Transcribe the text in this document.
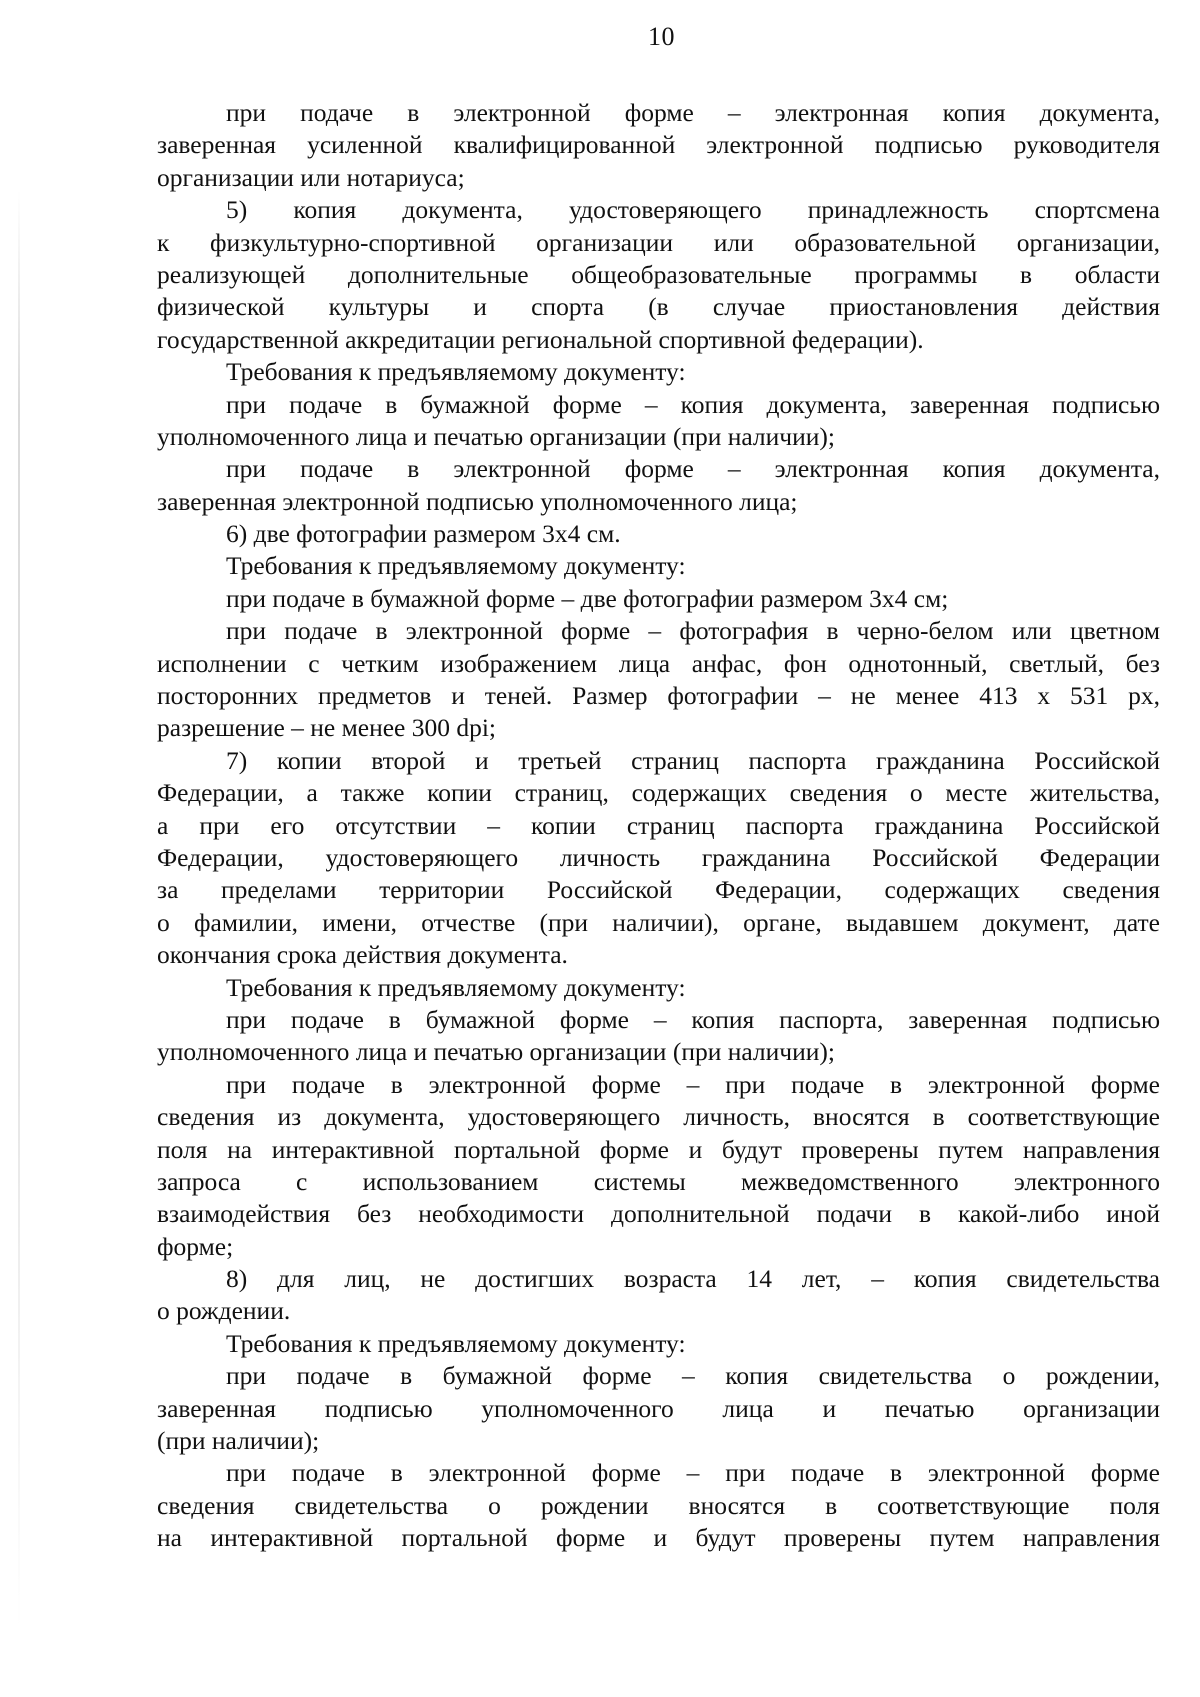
10
при подаче в электронной форме – электронная копия документа,
заверенная усиленной квалифицированной электронной подписью руководителя
организации или нотариуса;
5) копия документа, удостоверяющего принадлежность спортсмена
к физкультурно-спортивной организации или образовательной организации,
реализующей дополнительные общеобразовательные программы в области
физической культуры и спорта (в случае приостановления действия
государственной аккредитации региональной спортивной федерации).
Требования к предъявляемому документу:
при подаче в бумажной форме – копия документа, заверенная подписью
уполномоченного лица и печатью организации (при наличии);
при подаче в электронной форме – электронная копия документа,
заверенная электронной подписью уполномоченного лица;
6) две фотографии размером 3х4 см.
Требования к предъявляемому документу:
при подаче в бумажной форме – две фотографии размером 3х4 см;
при подаче в электронной форме – фотография в черно-белом или цветном
исполнении с четким изображением лица анфас, фон однотонный, светлый, без
посторонних предметов и теней. Размер фотографии – не менее 413 х 531 px,
разрешение – не менее 300 dpi;
7) копии второй и третьей страниц паспорта гражданина Российской
Федерации, а также копии страниц, содержащих сведения о месте жительства,
а при его отсутствии – копии страниц паспорта гражданина Российской
Федерации, удостоверяющего личность гражданина Российской Федерации
за пределами территории Российской Федерации, содержащих сведения
о фамилии, имени, отчестве (при наличии), органе, выдавшем документ, дате
окончания срока действия документа.
Требования к предъявляемому документу:
при подаче в бумажной форме – копия паспорта, заверенная подписью
уполномоченного лица и печатью организации (при наличии);
при подаче в электронной форме – при подаче в электронной форме
сведения из документа, удостоверяющего личность, вносятся в соответствующие
поля на интерактивной портальной форме и будут проверены путем направления
запроса с использованием системы межведомственного электронного
взаимодействия без необходимости дополнительной подачи в какой-либо иной
форме;
8) для лиц, не достигших возраста 14 лет, – копия свидетельства
о рождении.
Требования к предъявляемому документу:
при подаче в бумажной форме – копия свидетельства о рождении,
заверенная подписью уполномоченного лица и печатью организации
(при наличии);
при подаче в электронной форме – при подаче в электронной форме
сведения свидетельства о рождении вносятся в соответствующие поля
на интерактивной портальной форме и будут проверены путем направления
